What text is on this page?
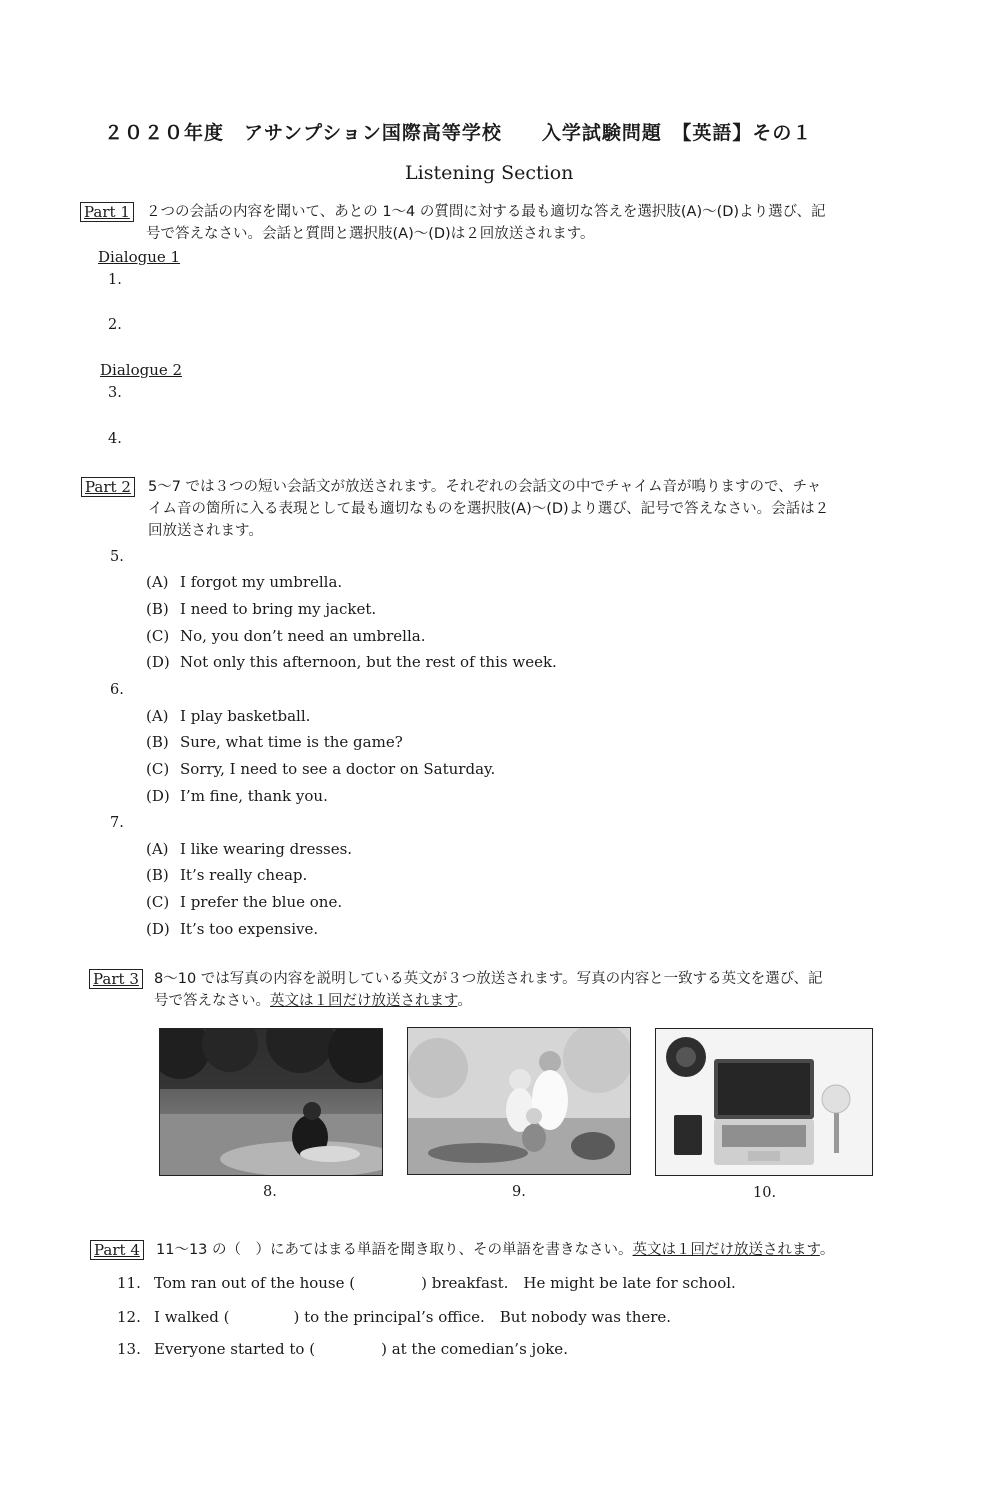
２０２０年度　アサンプション国際高等学校　　入学試験問題　【英語】その１
Listening Section
Part 1 ２つの会話の内容を聞いて、あとの 1～4 の質問に対する最も適切な答えを選択肢(A)～(D)より選び、記
号で答えなさい。会話と質問と選択肢(A)～(D)は２回放送されます。
Dialogue 1
1.
2.
Dialogue 2
3.
4.
Part 2 5～7 では３つの短い会話文が放送されます。それぞれの会話文の中でチャイム音が鳴りますので、チャ
イム音の箇所に入る表現として最も適切なものを選択肢(A)～(D)より選び、記号で答えなさい。会話は２
回放送されます。
5.
(A) I forgot my umbrella.
(B) I need to bring my jacket.
(C) No, you don’t need an umbrella.
(D) Not only this afternoon, but the rest of this week.
6.
(A) I play basketball.
(B) Sure, what time is the game?
(C) Sorry, I need to see a doctor on Saturday.
(D) I’m fine, thank you.
7.
(A) I like wearing dresses.
(B) It’s really cheap.
(C) I prefer the blue one.
(D) It’s too expensive.
Part 3 8～10 では写真の内容を説明している英文が３つ放送されます。写真の内容と一致する英文を選び、記
号で答えなさい。英文は１回だけ放送されます。
8.	9.	10.
Part 4 11～13 の（　）にあてはまる単語を聞き取り、その単語を書きなさい。英文は１回だけ放送されます。
11. Tom ran out of the house (	) breakfast.　He might be late for school.
12. I walked (	) to the principal’s office.　But nobody was there.
13. Everyone started to (	) at the comedian’s joke.
